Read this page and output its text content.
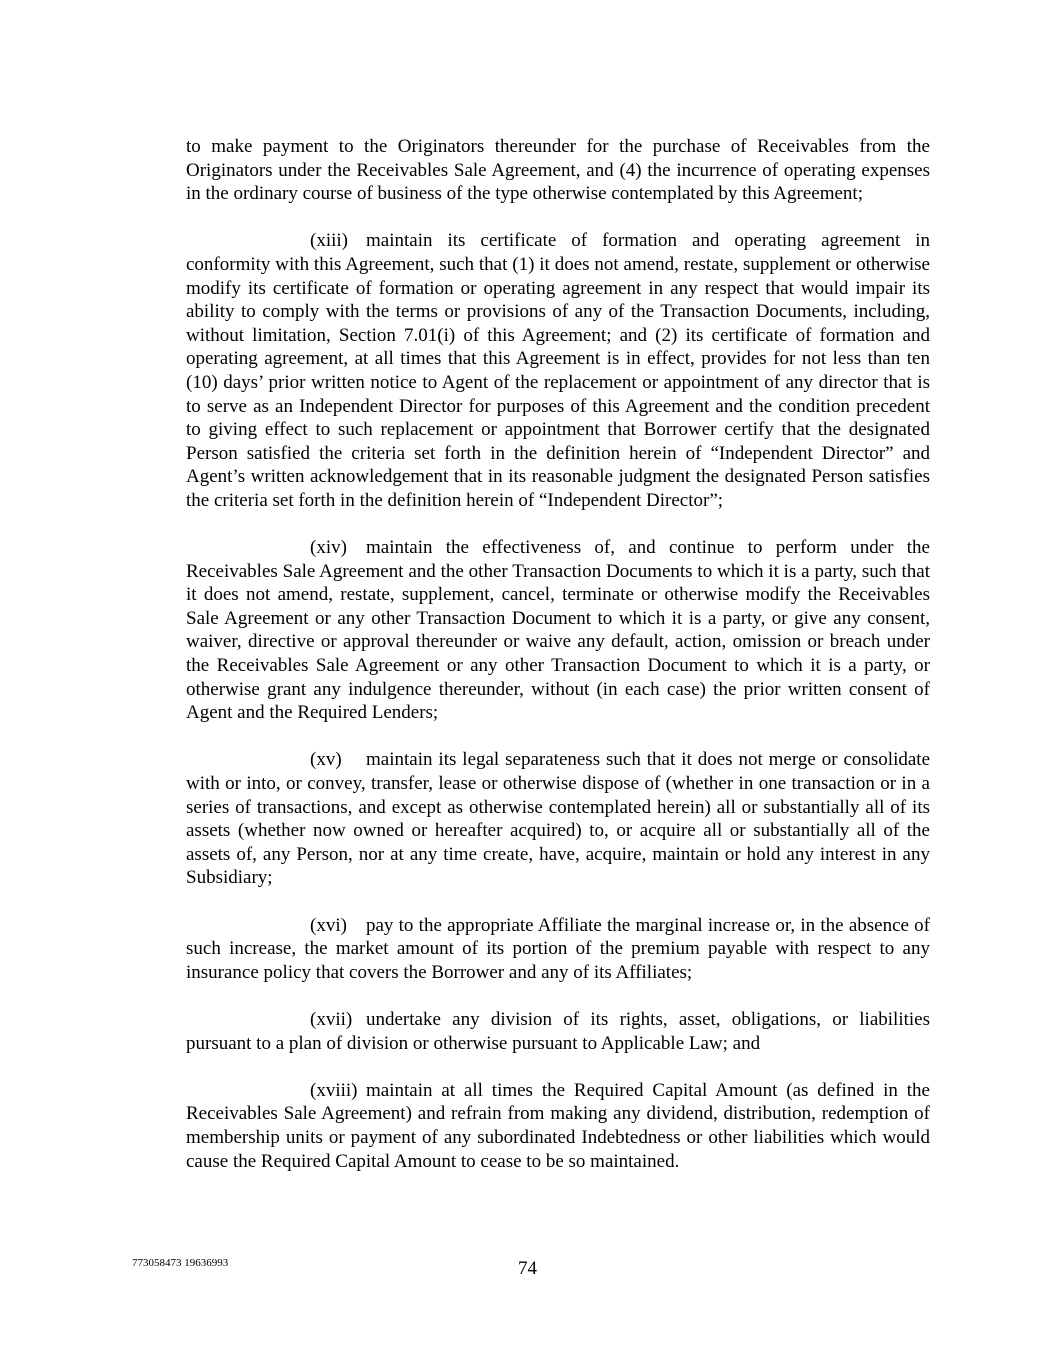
to make payment to the Originators thereunder for the purchase of Receivables from the Originators under the Receivables Sale Agreement, and (4) the incurrence of operating expenses in the ordinary course of business of the type otherwise contemplated by this Agreement;

(xiii) maintain its certificate of formation and operating agreement in conformity with this Agreement, such that (1) it does not amend, restate, supplement or otherwise modify its certificate of formation or operating agreement in any respect that would impair its ability to comply with the terms or provisions of any of the Transaction Documents, including, without limitation, Section 7.01(i) of this Agreement; and (2) its certificate of formation and operating agreement, at all times that this Agreement is in effect, provides for not less than ten (10) days’ prior written notice to Agent of the replacement or appointment of any director that is to serve as an Independent Director for purposes of this Agreement and the condition precedent to giving effect to such replacement or appointment that Borrower certify that the designated Person satisfied the criteria set forth in the definition herein of “Independent Director” and Agent’s written acknowledgement that in its reasonable judgment the designated Person satisfies the criteria set forth in the definition herein of “Independent Director”;

(xiv) maintain the effectiveness of, and continue to perform under the Receivables Sale Agreement and the other Transaction Documents to which it is a party, such that it does not amend, restate, supplement, cancel, terminate or otherwise modify the Receivables Sale Agreement or any other Transaction Document to which it is a party, or give any consent, waiver, directive or approval thereunder or waive any default, action, omission or breach under the Receivables Sale Agreement or any other Transaction Document to which it is a party, or otherwise grant any indulgence thereunder, without (in each case) the prior written consent of Agent and the Required Lenders;

(xv) maintain its legal separateness such that it does not merge or consolidate with or into, or convey, transfer, lease or otherwise dispose of (whether in one transaction or in a series of transactions, and except as otherwise contemplated herein) all or substantially all of its assets (whether now owned or hereafter acquired) to, or acquire all or substantially all of the assets of, any Person, nor at any time create, have, acquire, maintain or hold any interest in any Subsidiary;

(xvi) pay to the appropriate Affiliate the marginal increase or, in the absence of such increase, the market amount of its portion of the premium payable with respect to any insurance policy that covers the Borrower and any of its Affiliates;

(xvii) undertake any division of its rights, asset, obligations, or liabilities pursuant to a plan of division or otherwise pursuant to Applicable Law; and

(xviii) maintain at all times the Required Capital Amount (as defined in the Receivables Sale Agreement) and refrain from making any dividend, distribution, redemption of membership units or payment of any subordinated Indebtedness or other liabilities which would cause the Required Capital Amount to cease to be so maintained.

773058473 19636993	74
